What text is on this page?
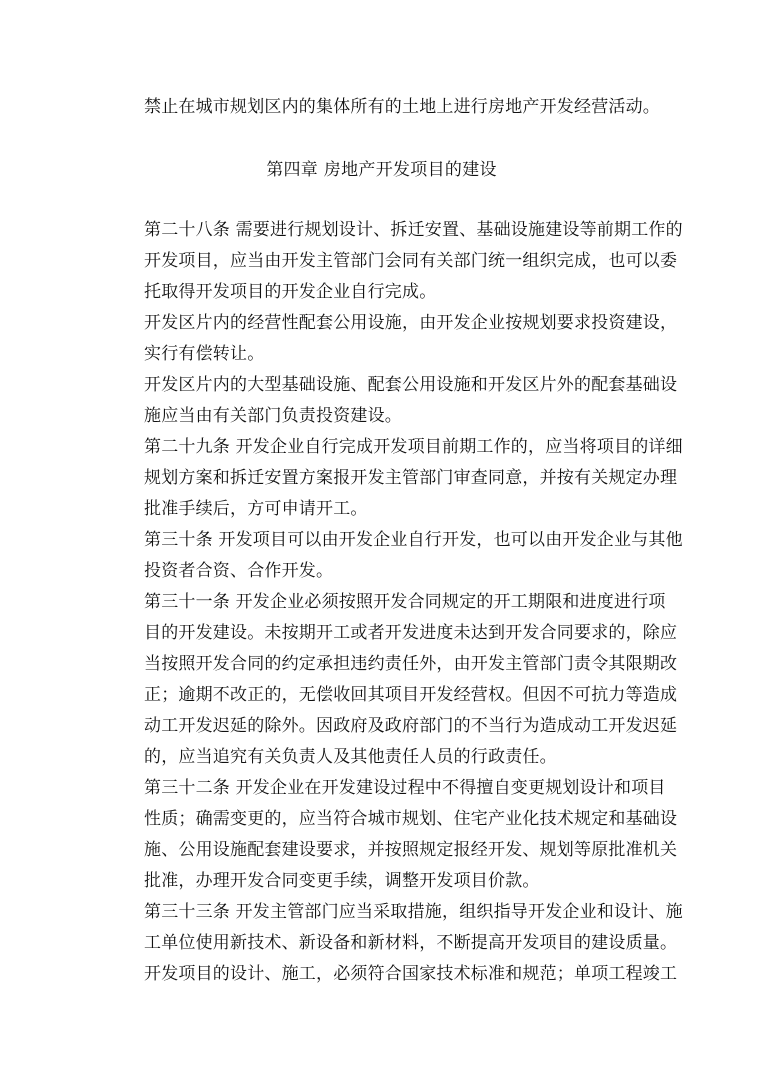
禁止在城市规划区内的集体所有的土地上进行房地产开发经营活动。
第四章 房地产开发项目的建设
第二十八条 需要进行规划设计、拆迁安置、基础设施建设等前期工作的
开发项目，应当由开发主管部门会同有关部门统一组织完成，也可以委
托取得开发项目的开发企业自行完成。
开发区片内的经营性配套公用设施，由开发企业按规划要求投资建设，
实行有偿转让。
开发区片内的大型基础设施、配套公用设施和开发区片外的配套基础设
施应当由有关部门负责投资建设。
第二十九条 开发企业自行完成开发项目前期工作的，应当将项目的详细
规划方案和拆迁安置方案报开发主管部门审查同意，并按有关规定办理
批准手续后，方可申请开工。
第三十条 开发项目可以由开发企业自行开发，也可以由开发企业与其他
投资者合资、合作开发。
第三十一条 开发企业必须按照开发合同规定的开工期限和进度进行项
目的开发建设。未按期开工或者开发进度未达到开发合同要求的，除应
当按照开发合同的约定承担违约责任外，由开发主管部门责令其限期改
正；逾期不改正的，无偿收回其项目开发经营权。但因不可抗力等造成
动工开发迟延的除外。因政府及政府部门的不当行为造成动工开发迟延
的，应当追究有关负责人及其他责任人员的行政责任。
第三十二条 开发企业在开发建设过程中不得擅自变更规划设计和项目
性质；确需变更的，应当符合城市规划、住宅产业化技术规定和基础设
施、公用设施配套建设要求，并按照规定报经开发、规划等原批准机关
批准，办理开发合同变更手续，调整开发项目价款。
第三十三条 开发主管部门应当采取措施，组织指导开发企业和设计、施
工单位使用新技术、新设备和新材料，不断提高开发项目的建设质量。
开发项目的设计、施工，必须符合国家技术标准和规范；单项工程竣工
